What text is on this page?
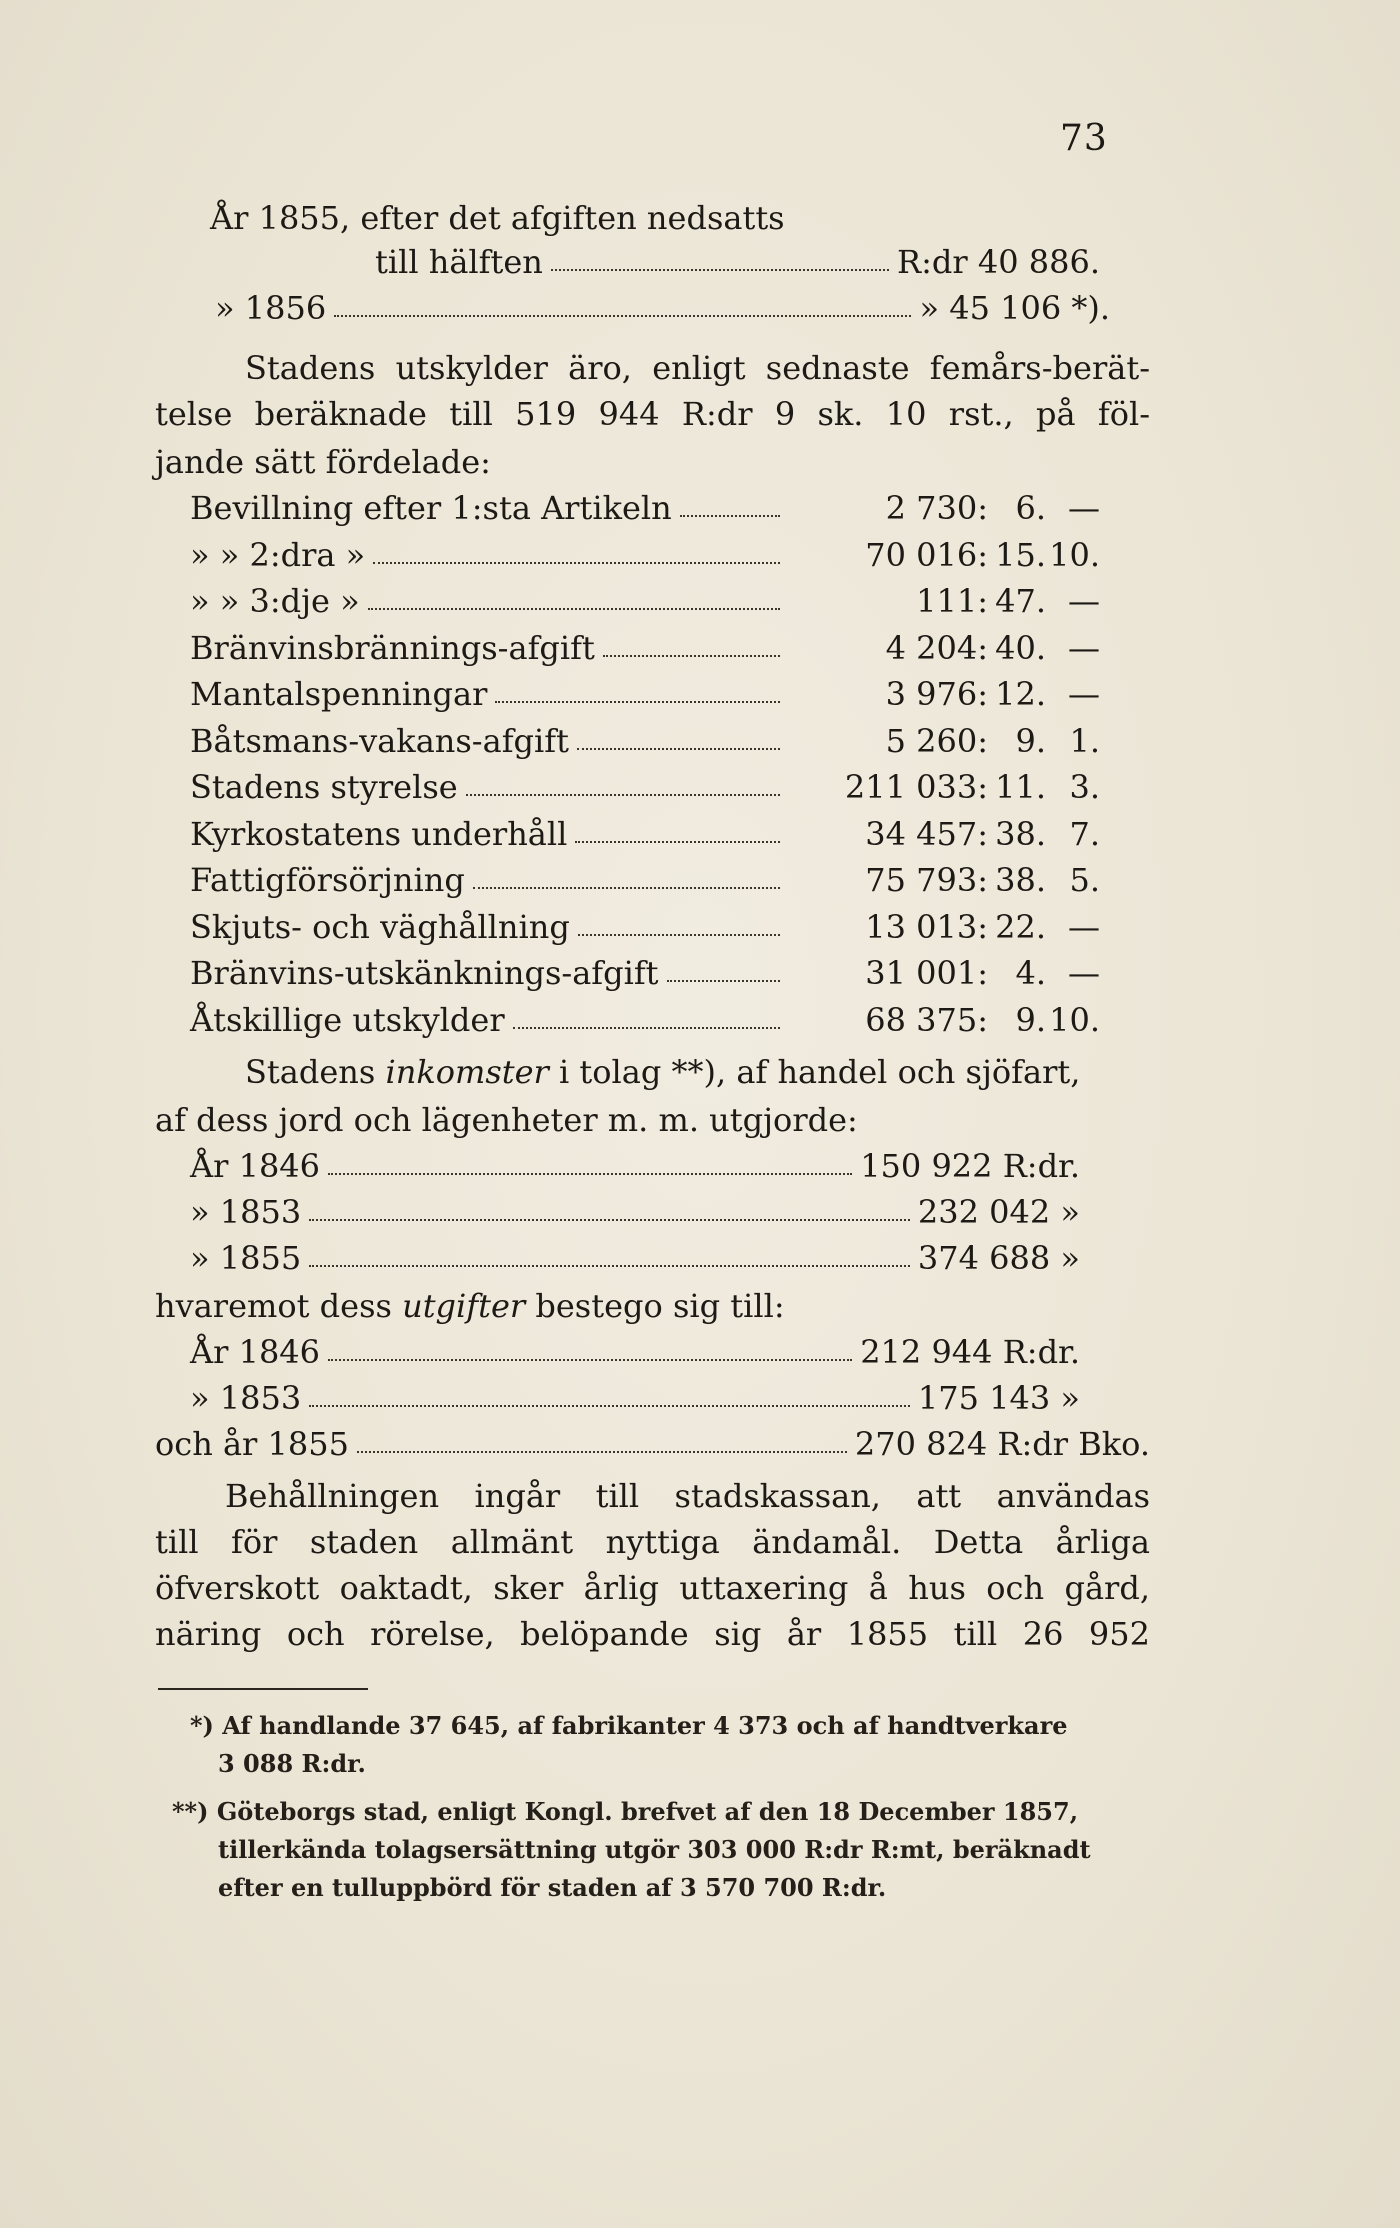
73
År 1855, efter det afgiften nedsatts
till hälften	R:dr 40 886.
» 1856	» 45 106 *).
Stadens utskylder äro, enligt sednaste femårs-berät-
telse beräknade till 519 944 R:dr 9 sk. 10 rst., på föl-
jande sätt fördelade:
Bevillning efter 1:sta Artikeln	2 730: 6. —
» » 2:dra »	70 016: 15. 10.
» » 3:dje »	111: 47. —
Bränvinsbrännings-afgift	4 204: 40. —
Mantalspenningar	3 976: 12. —
Båtsmans-vakans-afgift	5 260: 9. 1.
Stadens styrelse	211 033: 11. 3.
Kyrkostatens underhåll	34 457: 38. 7.
Fattigförsörjning	75 793: 38. 5.
Skjuts- och väghållning	13 013: 22. —
Bränvins-utskänknings-afgift	31 001: 4. —
Åtskillige utskylder	68 375: 9. 10.
Stadens inkomster i tolag **), af handel och sjöfart,
af dess jord och lägenheter m. m. utgjorde:
År 1846	150 922 R:dr.
» 1853	232 042 »
» 1855	374 688 »
hvaremot dess utgifter bestego sig till:
År 1846	212 944 R:dr.
» 1853	175 143 »
och år 1855	270 824 R:dr Bko.
Behållningen ingår till stadskassan, att användas
till för staden allmänt nyttiga ändamål. Detta årliga
öfverskott oaktadt, sker årlig uttaxering å hus och gård,
näring och rörelse, belöpande sig år 1855 till 26 952
*) Af handlande 37 645, af fabrikanter 4 373 och af handtverkare
3 088 R:dr.
**) Göteborgs stad, enligt Kongl. brefvet af den 18 December 1857,
tillerkända tolagsersättning utgör 303 000 R:dr R:mt, beräknadt
efter en tulluppbörd för staden af 3 570 700 R:dr.
